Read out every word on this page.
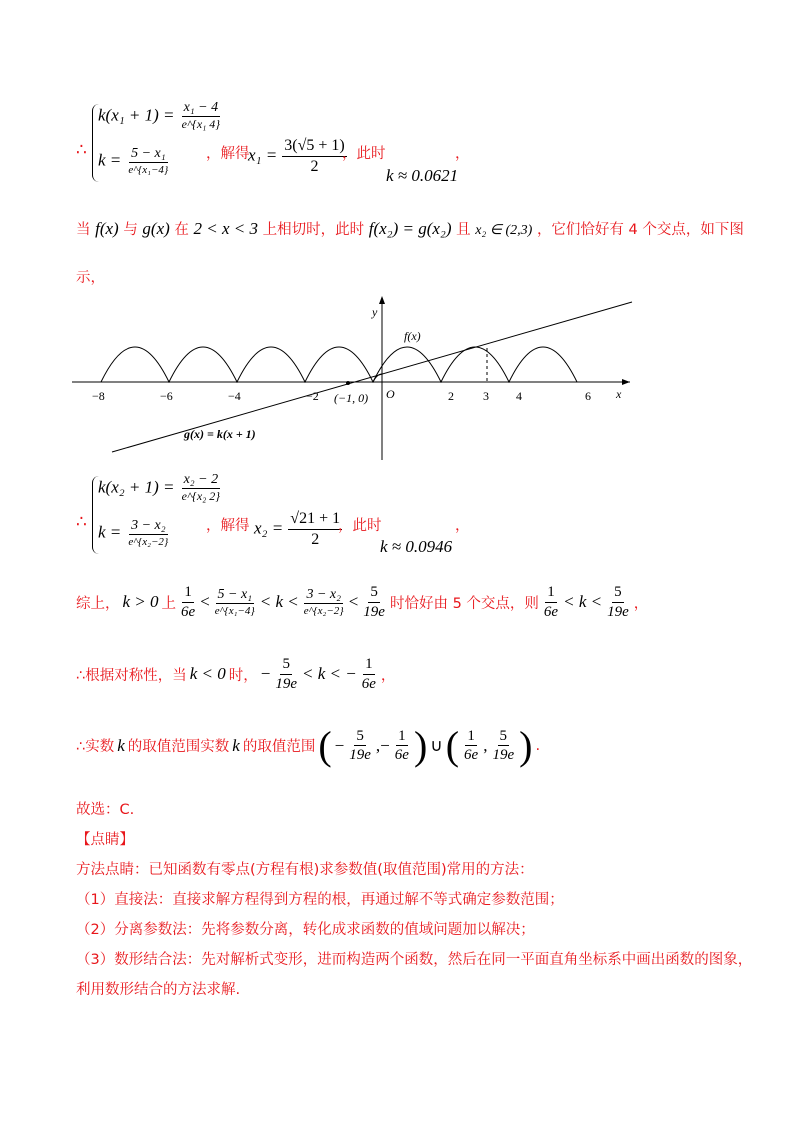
∴
$k(x_1 + 1) = \frac{\text{x₁ − 4}}{\text{e\textasciicircum{}\{x₁ 4\}}}$
$k = \frac{\text{5 − x₁}}{\text{e\textasciicircum{}\{x₁−4\}}}$ ，解得
$x_1 = \frac{3(√5 + 1)}{2}$
，此时	，
k ≈ 0.0621
当 f(x) 与 g(x) 在 2 < x < 3 上相切时，此时 f(x₂) = g(x₂) 且 x₂ ∈ (2,3) ，它们恰好有 4 个交点，如下图
示，
y
x
O
f(x)
(−1, 0)
g(x) = k(x + 1)
−8	−6	−4	−2	2 3 4	6
∴
$k(x_2 + 1) = \frac{\text{x₂ − 2}}{\text{e\textasciicircum{}\{x₂ 2\}}}$
$k = \frac{\text{3 − x₂}}{\text{e\textasciicircum{}\{x₂−2\}}}$ ，解得 $x_2 = \frac{√21 + 1}{2}$
，此时	，
k ≈ 0.0946
综上， k > 0 上 $\frac{1}{6e} < \frac{\text{5 − x₁}}{\text{e\textasciicircum{}\{x₁−4\}}} < k < \frac{\text{3 − x₂}}{\text{e\textasciicircum{}\{x₂−2\}}} < \frac{5}{19e}$ 时恰好由 5 个交点，则 $\frac{1}{6e} < k < \frac{5}{19e}$ ，
∴根据对称性，当 k < 0 时， − $\frac{5}{19e} < k$ < − $\frac{1}{6e}$ ，
∴实数 k 的取值范围实数 k 的取值范围 ( − $\frac{5}{19e}$ ,− $\frac{1}{6e}$ ) ∪ ( $\frac{1}{6e}$ , $\frac{5}{19e}$ ) .
故选：C.
【点睛】
方法点睛：已知函数有零点(方程有根)求参数值(取值范围)常用的方法：
（1）直接法：直接求解方程得到方程的根，再通过解不等式确定参数范围；
（2）分离参数法：先将参数分离，转化成求函数的值域问题加以解决；
（3）数形结合法：先对解析式变形，进而构造两个函数，然后在同一平面直角坐标系中画出函数的图象，
利用数形结合的方法求解.
